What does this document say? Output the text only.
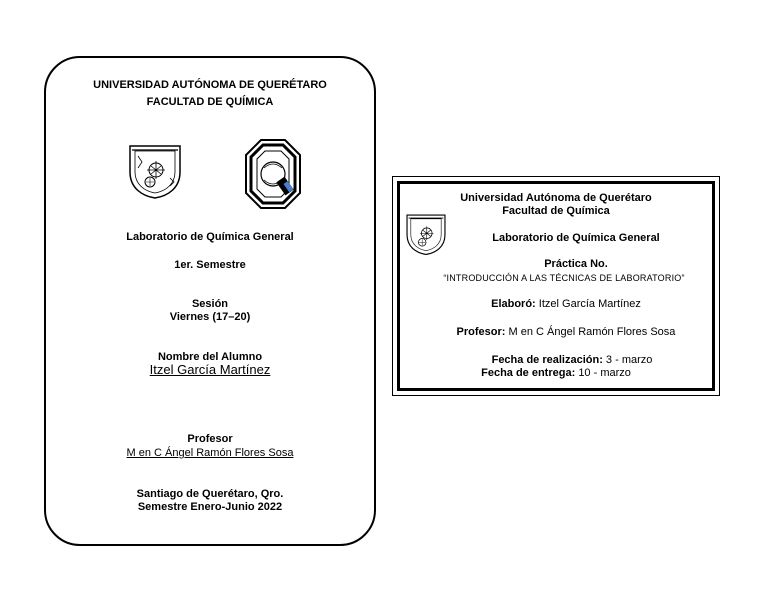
UNIVERSIDAD AUTÓNOMA DE QUERÉTARO
FACULTAD DE QUÍMICA
Laboratorio de Química General
1er. Semestre
Sesión
Viernes (17–20)
Nombre del Alumno
Itzel García Martínez
Profesor
M en C Ángel Ramón Flores Sosa
Santiago de Querétaro, Qro.
Semestre Enero-Junio 2022
Universidad Autónoma de Querétaro
Facultad de Química
Laboratorio de Química General
Práctica No.
“INTRODUCCIÓN A LAS TÉCNICAS DE LABORATORIO”
Elaboró: Itzel García Martínez
Profesor: M en C Ángel Ramón Flores Sosa
Fecha de realización: 3 - marzo
Fecha de entrega: 10 - marzo
